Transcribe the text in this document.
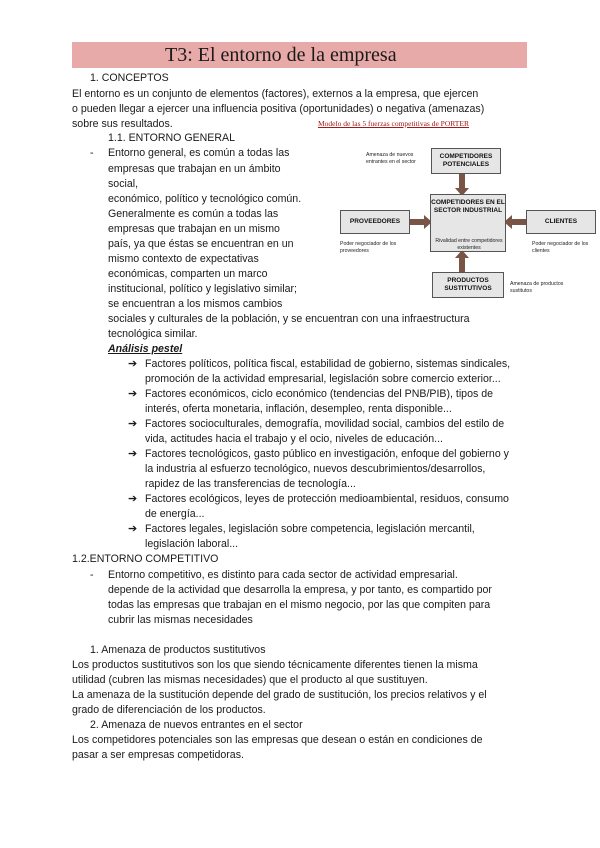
T3: El entorno de la empresa
1. CONCEPTOS
El entorno es un conjunto de elementos (factores), externos a la empresa, que ejercen
o pueden llegar a ejercer una influencia positiva (oportunidades) o negativa (amenazas)
sobre sus resultados.	Modelo de las 5 fuerzas competitivas de PORTER
1.1. ENTORNO GENERAL
- Entorno general, es común a todas las
empresas que trabajan en un ámbito
social,
económico, político y tecnológico común.
Generalmente es común a todas las
empresas que trabajan en un mismo
país, ya que éstas se encuentran en un
mismo contexto de expectativas
económicas, comparten un marco
institucional, político y legislativo similar;
se encuentran a los mismos cambios
sociales y culturales de la población, y se encuentran con una infraestructura
tecnológica similar.
Análisis pestel
➔ Factores políticos, política fiscal, estabilidad de gobierno, sistemas sindicales,
promoción de la actividad empresarial, legislación sobre comercio exterior...
➔ Factores económicos, ciclo económico (tendencias del PNB/PIB), tipos de
interés, oferta monetaria, inflación, desempleo, renta disponible...
➔ Factores socioculturales, demografía, movilidad social, cambios del estilo de
vida, actitudes hacia el trabajo y el ocio, niveles de educación...
➔ Factores tecnológicos, gasto público en investigación, enfoque del gobierno y
la industria al esfuerzo tecnológico, nuevos descubrimientos/desarrollos,
rapidez de las transferencias de tecnología...
➔ Factores ecológicos, leyes de protección medioambiental, residuos, consumo
de energía...
➔ Factores legales, legislación sobre competencia, legislación mercantil,
legislación laboral...
1.2.ENTORNO COMPETITIVO
- Entorno competitivo, es distinto para cada sector de actividad empresarial.
depende de la actividad que desarrolla la empresa, y por tanto, es compartido por
todas las empresas que trabajan en el mismo negocio, por las que compiten para
cubrir las mismas necesidades
1. Amenaza de productos sustitutivos
Los productos sustitutivos son los que siendo técnicamente diferentes tienen la misma
utilidad (cubren las mismas necesidades) que el producto al que sustituyen.
La amenaza de la sustitución depende del grado de sustitución, los precios relativos y el
grado de diferenciación de los productos.
2. Amenaza de nuevos entrantes en el sector
Los competidores potenciales son las empresas que desean o están en condiciones de
pasar a ser empresas competidoras.
COMPETIDORES POTENCIALES
Amenaza de nuevos entrantes en el sector
COMPETIDORES EN EL SECTOR INDUSTRIAL
Rivalidad entre competidores existentes
PROVEEDORES
Poder negociador de los proveedores
CLIENTES
Poder negociador de los clientes
PRODUCTOS SUSTITUTIVOS
Amenaza de productos sustitutos
